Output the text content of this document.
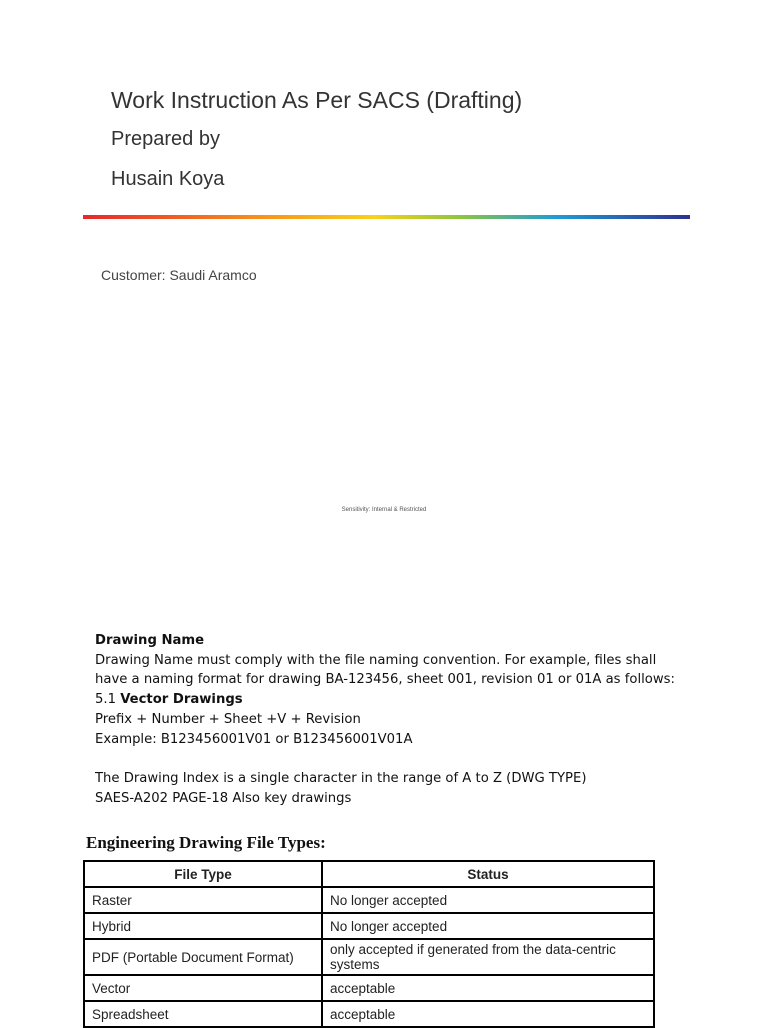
Work Instruction As Per SACS (Drafting)
Prepared by
Husain Koya
Customer: Saudi Aramco
Sensitivity: Internal & Restricted

Drawing Name

Drawing Name must comply with the file naming convention. For example, files shall have a naming format for drawing BA-123456, sheet 001, revision 01 or 01A as follows:

5.1 Vector Drawings

Prefix + Number + Sheet +V + Revision

Example: B123456001V01 or B123456001V01A

The Drawing Index is a single character in the range of A to Z (DWG TYPE)

SAES-A202 PAGE-18 Also key drawings

Engineering Drawing File Types:
File Type	Status
Raster	No longer accepted
Hybrid	No longer accepted
PDF (Portable Document Format)	only accepted if generated from the data-centric systems
Vector	acceptable
Spreadsheet	acceptable
